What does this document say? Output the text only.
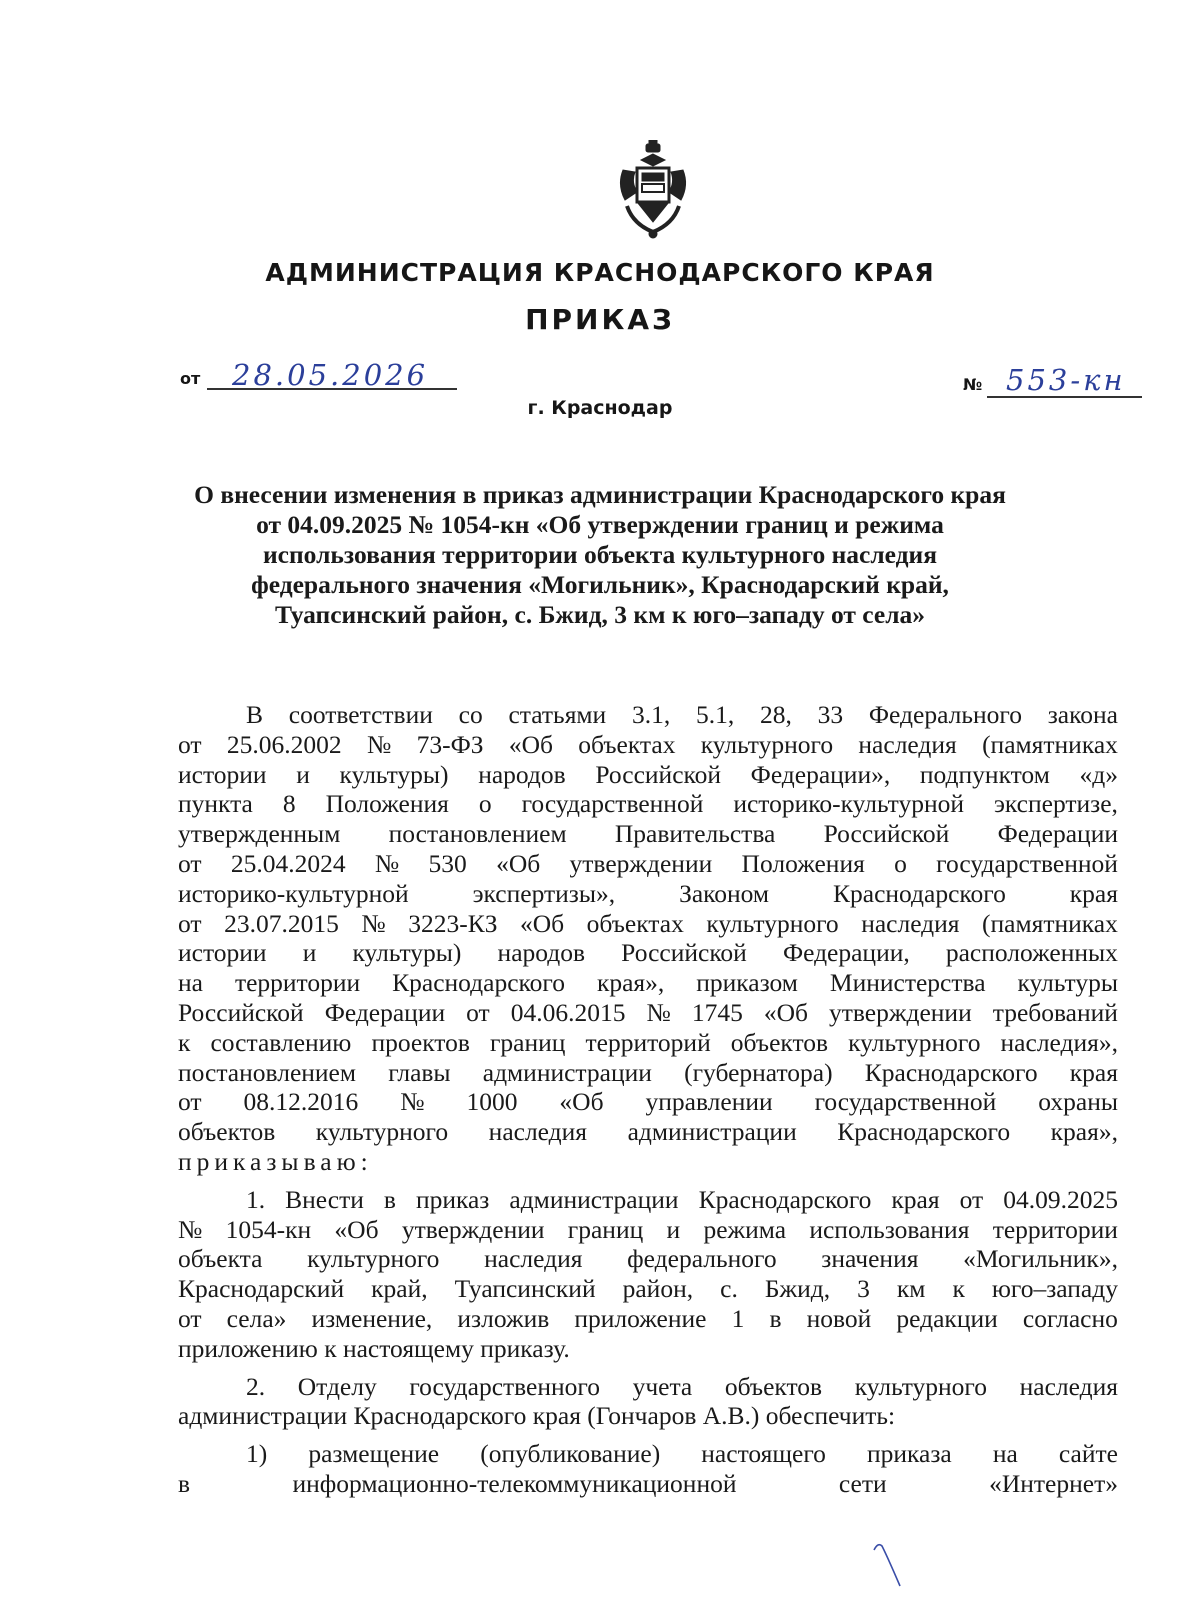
АДМИНИСТРАЦИЯ КРАСНОДАРСКОГО КРАЯ
ПРИКАЗ
от 28.05.2026	№ 553-кн
г. Краснодар
О внесении изменения в приказ администрации Краснодарского края
от 04.09.2025 № 1054-кн «Об утверждении границ и режима
использования территории объекта культурного наследия
федерального значения «Могильник», Краснодарский край,
Туапсинский район, с. Бжид, 3 км к юго–западу от села»
В соответствии со статьями 3.1, 5.1, 28, 33 Федерального закона
от 25.06.2002 № 73-ФЗ «Об объектах культурного наследия (памятниках
истории и культуры) народов Российской Федерации», подпунктом «д»
пункта 8 Положения о государственной историко-культурной экспертизе,
утвержденным постановлением Правительства Российской Федерации
от 25.04.2024 № 530 «Об утверждении Положения о государственной
историко-культурной	экспертизы»,	Законом	Краснодарского	края
от 23.07.2015 № 3223-КЗ «Об объектах культурного наследия (памятниках
истории и культуры) народов Российской Федерации, расположенных
на территории Краснодарского края», приказом Министерства культуры
Российской Федерации от 04.06.2015 № 1745 «Об утверждении требований
к составлению проектов границ территорий объектов культурного наследия»,
постановлением главы администрации (губернатора) Краснодарского края
от 08.12.2016 № 1000 «Об управлении государственной охраны
объектов культурного наследия администрации Краснодарского края»,
приказываю:
1. Внести в приказ администрации Краснодарского края от 04.09.2025
№ 1054-кн «Об утверждении границ и режима использования территории
объекта культурного наследия федерального значения «Могильник»,
Краснодарский край, Туапсинский район, с. Бжид, 3 км к юго–западу
от села» изменение, изложив приложение 1 в новой редакции согласно
приложению к настоящему приказу.
2. Отделу государственного учета объектов культурного наследия
администрации Краснодарского края (Гончаров А.В.) обеспечить:
1) размещение (опубликование) настоящего приказа на сайте
в	информационно-телекоммуникационной	сети	«Интернет»
